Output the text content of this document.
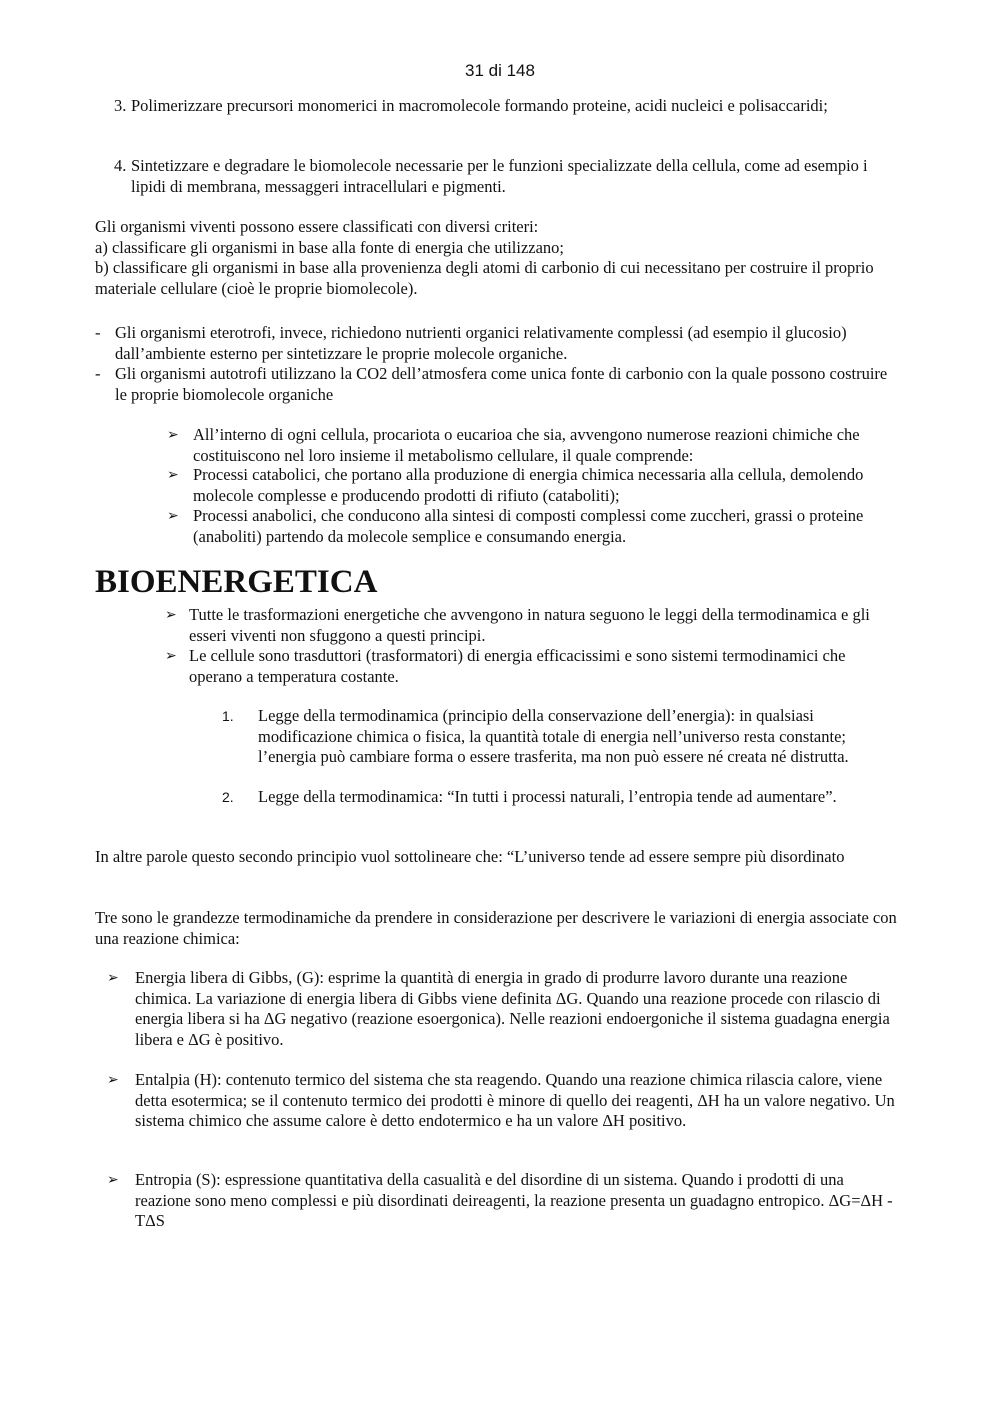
31 di 148
3. Polimerizzare precursori monomerici in macromolecole formando proteine, acidi nucleici e polisaccaridi;
4. Sintetizzare e degradare le biomolecole necessarie per le funzioni specializzate della cellula, come ad esempio i lipidi di membrana, messaggeri intracellulari e pigmenti.
Gli organismi viventi possono essere classificati con diversi criteri:
a) classificare gli organismi in base alla fonte di energia che utilizzano;
b) classificare gli organismi in base alla provenienza degli atomi di carbonio di cui necessitano per costruire il proprio materiale cellulare (cioè le proprie biomolecole).
- Gli organismi eterotrofi, invece, richiedono nutrienti organici relativamente complessi (ad esempio il glucosio) dall’ambiente esterno per sintetizzare le proprie molecole organiche.
- Gli organismi autotrofi utilizzano la CO2 dell’atmosfera come unica fonte di carbonio con la quale possono costruire le proprie biomolecole organiche
➢ All’interno di ogni cellula, procariota o eucarioa che sia, avvengono numerose reazioni chimiche che costituiscono nel loro insieme il metabolismo cellulare, il quale comprende:
➢ Processi catabolici, che portano alla produzione di energia chimica necessaria alla cellula, demolendo molecole complesse e producendo prodotti di rifiuto (cataboliti);
➢ Processi anabolici, che conducono alla sintesi di composti complessi come zuccheri, grassi o proteine (anaboliti) partendo da molecole semplice e consumando energia.
BIOENERGETICA
➢ Tutte le trasformazioni energetiche che avvengono in natura seguono le leggi della termodinamica e gli esseri viventi non sfuggono a questi principi.
➢ Le cellule sono trasduttori (trasformatori) di energia efficacissimi e sono sistemi termodinamici che operano a temperatura costante.
1.	Legge della termodinamica (principio della conservazione dell’energia): in qualsiasi modificazione chimica o fisica, la quantità totale di energia nell’universo resta constante; l’energia può cambiare forma o essere trasferita, ma non può essere né creata né distrutta.
2.	Legge della termodinamica: “In tutti i processi naturali, l’entropia tende ad aumentare”.
In altre parole questo secondo principio vuol sottolineare che: “L’universo tende ad essere sempre più disordinato
Tre sono le grandezze termodinamiche da prendere in considerazione per descrivere le variazioni di energia associate con una reazione chimica:
➢ Energia libera di Gibbs, (G): esprime la quantità di energia in grado di produrre lavoro durante una reazione chimica. La variazione di energia libera di Gibbs viene definita ΔG. Quando una reazione procede con rilascio di energia libera si ha ΔG negativo (reazione esoergonica). Nelle reazioni endoergoniche il sistema guadagna energia libera e ΔG è positivo.
➢ Entalpia (H): contenuto termico del sistema che sta reagendo. Quando una reazione chimica rilascia calore, viene detta esotermica; se il contenuto termico dei prodotti è minore di quello dei reagenti, ΔH ha un valore negativo. Un sistema chimico che assume calore è detto endotermico e ha un valore ΔH positivo.
➢ Entropia (S): espressione quantitativa della casualità e del disordine di un sistema. Quando i prodotti di una reazione sono meno complessi e più disordinati deireagenti, la reazione presenta un guadagno entropico. ΔG=ΔH - TΔS
